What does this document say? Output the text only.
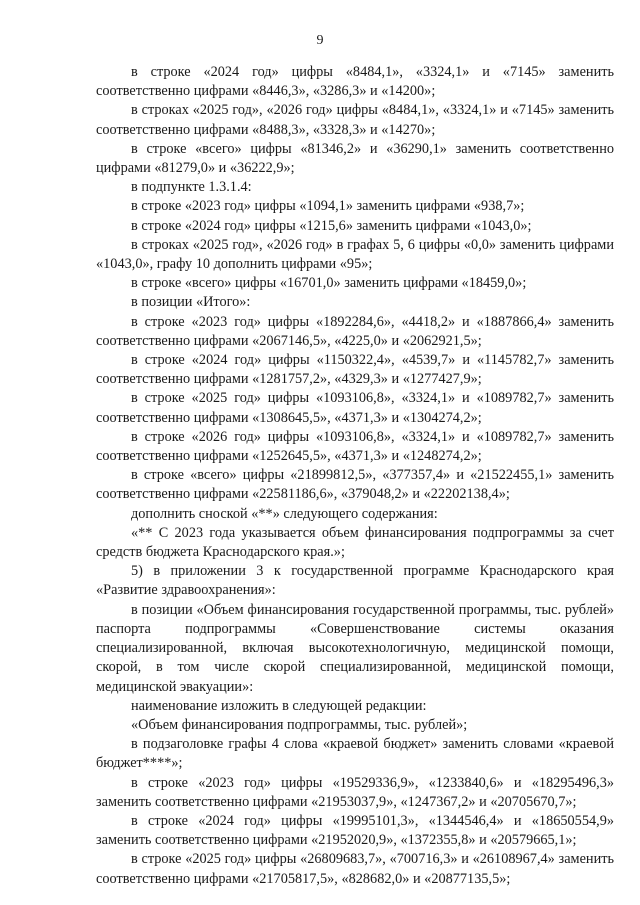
9

в строке «2024 год» цифры «8484,1», «3324,1» и «7145» заменить соответственно цифрами «8446,3», «3286,3» и «14200»;

в строках «2025 год», «2026 год» цифры «8484,1», «3324,1» и «7145» заменить соответственно цифрами «8488,3», «3328,3» и «14270»;

в строке «всего» цифры «81346,2» и «36290,1» заменить соответственно цифрами «81279,0» и «36222,9»;

в подпункте 1.3.1.4:

в строке «2023 год» цифры «1094,1» заменить цифрами «938,7»;

в строке «2024 год» цифры «1215,6» заменить цифрами «1043,0»;

в строках «2025 год», «2026 год» в графах 5, 6 цифры «0,0» заменить цифрами «1043,0», графу 10 дополнить цифрами «95»;

в строке «всего» цифры «16701,0» заменить цифрами «18459,0»;

в позиции «Итого»:

в строке «2023 год» цифры «1892284,6», «4418,2» и «1887866,4» заменить соответственно цифрами «2067146,5», «4225,0» и «2062921,5»;

в строке «2024 год» цифры «1150322,4», «4539,7» и «1145782,7» заменить соответственно цифрами «1281757,2», «4329,3» и «1277427,9»;

в строке «2025 год» цифры «1093106,8», «3324,1» и «1089782,7» заменить соответственно цифрами «1308645,5», «4371,3» и «1304274,2»;

в строке «2026 год» цифры «1093106,8», «3324,1» и «1089782,7» заменить соответственно цифрами «1252645,5», «4371,3» и «1248274,2»;

в строке «всего» цифры «21899812,5», «377357,4» и «21522455,1» заменить соответственно цифрами «22581186,6», «379048,2» и «22202138,4»;

дополнить сноской «**» следующего содержания:

«** С 2023 года указывается объем финансирования подпрограммы за счет средств бюджета Краснодарского края.»;

5) в приложении 3 к государственной программе Краснодарского края «Развитие здравоохранения»:

в позиции «Объем финансирования государственной программы, тыс. рублей» паспорта подпрограммы «Совершенствование системы оказания специализированной, включая высокотехнологичную, медицинской помощи, скорой, в том числе скорой специализированной, медицинской помощи, медицинской эвакуации»:

наименование изложить в следующей редакции:

«Объем финансирования подпрограммы, тыс. рублей»;

в подзаголовке графы 4 слова «краевой бюджет» заменить словами «краевой бюджет****»;

в строке «2023 год» цифры «19529336,9», «1233840,6» и «18295496,3» заменить соответственно цифрами «21953037,9», «1247367,2» и «20705670,7»;

в строке «2024 год» цифры «19995101,3», «1344546,4» и «18650554,9» заменить соответственно цифрами «21952020,9», «1372355,8» и «20579665,1»;

в строке «2025 год» цифры «26809683,7», «700716,3» и «26108967,4» заменить соответственно цифрами «21705817,5», «828682,0» и «20877135,5»;
